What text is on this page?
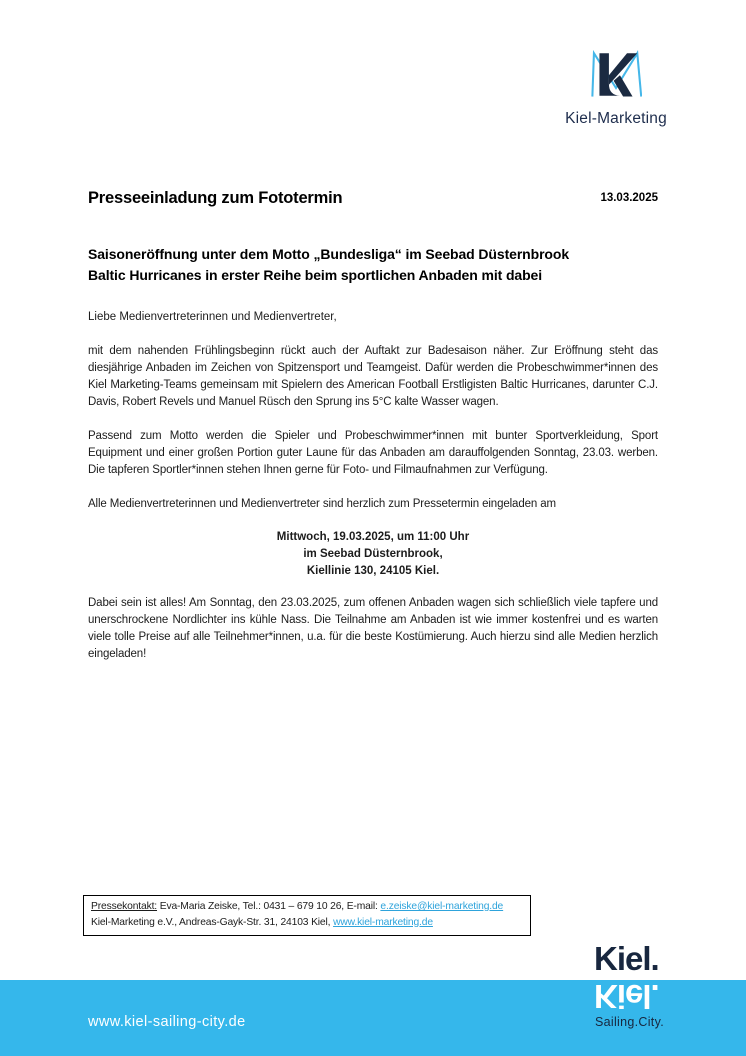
Kiel-Marketing
Presseeinladung zum Fototermin	13.03.2025
Saisoneröffnung unter dem Motto „Bundesliga“ im Seebad Düsternbrook
Baltic Hurricanes in erster Reihe beim sportlichen Anbaden mit dabei
Liebe Medienvertreterinnen und Medienvertreter,

mit dem nahenden Frühlingsbeginn rückt auch der Auftakt zur Badesaison näher. Zur Eröffnung steht das diesjährige Anbaden im Zeichen von Spitzensport und Teamgeist. Dafür werden die Probeschwimmer*innen des Kiel Marketing-Teams gemeinsam mit Spielern des American Football Erstligisten Baltic Hurricanes, darunter C.J. Davis, Robert Revels und Manuel Rüsch den Sprung ins 5°C kalte Wasser wagen.

Passend zum Motto werden die Spieler und Probeschwimmer*innen mit bunter Sportverkleidung, Sport Equipment und einer großen Portion guter Laune für das Anbaden am darauffolgenden Sonntag, 23.03. werben. Die tapferen Sportler*innen stehen Ihnen gerne für Foto- und Filmaufnahmen zur Verfügung.

Alle Medienvertreterinnen und Medienvertreter sind herzlich zum Pressetermin eingeladen am

Mittwoch, 19.03.2025, um 11:00 Uhr
im Seebad Düsternbrook,
Kiellinie 130, 24105 Kiel.

Dabei sein ist alles! Am Sonntag, den 23.03.2025, zum offenen Anbaden wagen sich schließlich viele tapfere und unerschrockene Nordlichter ins kühle Nass. Die Teilnahme am Anbaden ist wie immer kostenfrei und es warten viele tolle Preise auf alle Teilnehmer*innen, u.a. für die beste Kostümierung. Auch hierzu sind alle Medien herzlich eingeladen!

Pressekontakt: Eva-Maria Zeiske, Tel.: 0431 – 679 10 26, E-mail: e.zeiske@kiel-marketing.de
Kiel-Marketing e.V., Andreas-Gayk-Str. 31, 24103 Kiel, www.kiel-marketing.de
www.kiel-sailing-city.de
Kiel.
Kiel.
Sailing.City.
